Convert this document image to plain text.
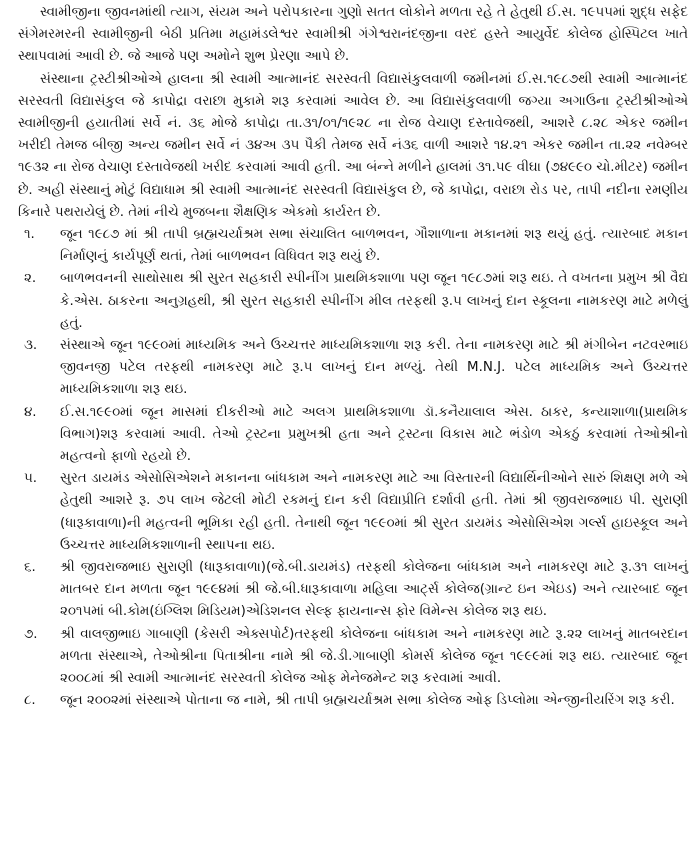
સ્વામીજીના જીવનમાંથી ત્યાગ, સંયમ અને પરોપકારના ગુણો સતત લોકોને મળતા રહે તે હેતુથી ઈ.સ. ૧૯૫૫માં શુદ્ધ સફેદ સંગેમરમરની સ્વામીજીની બેઠી પ્રતિમા મહામંડલેશ્વર સ્વામીશ્રી ગંગેશ્વરાનંદજીના વરદ હસ્તે આયુર્વેદ કોલેજ હોસ્પિટલ ખાતે સ્થાપવામાં આવી છે. જે આજે પણ અમોને શુભ પ્રેરણા આપે છે.

સંસ્થાના ટ્રસ્ટીશ્રીઓએ હાલના શ્રી સ્વામી આત્માનંદ સરસ્વતી વિદ્યાસંકુલવાળી જમીનમાં ઈ.સ.૧૯૮૭થી સ્વામી આત્માનંદ સરસ્વતી વિદ્યાસંકુલ જે કાપોદ્રા વરાછા મુકામે શરૂ કરવામાં આવેલ છે. આ વિદ્યાસંકુલવાળી જગ્યા અગાઉના ટ્રસ્ટીશ્રીઓએ સ્વામીજીની હયાતીમાં સર્વે નં. ૩૬ મોજે કાપોદ્રા તા.૩૧/૦૧/૧૯૨૮ ના રોજ વેચાણ દસ્તાવેજથી, આશરે ૮.૨૮ એકર જમીન ખરીદી તેમજ બીજી અન્ય જમીન સર્વે નં ૩૪અ ૩૫ પૈકી તેમજ સર્વે નં૩૬ વાળી આશરે ૧૪.૨૧ એકર જમીન તા.૨૨ નવેમ્બર ૧૯૩૨ ના રોજ વેચાણ દસ્તાવેજથી ખરીદ કરવામાં આવી હતી. આ બંન્ને મળીને હાલમાં ૩૧.૫૯ વીઘા (૭૪૯૯૦ ચો.મીટર) જમીન છે. અહી સંસ્થાનું મોટું વિદ્યાધામ શ્રી સ્વામી આત્માનંદ સરસ્વતી વિદ્યાસંકુલ છે, જે કાપોદ્રા, વરાછા રોડ પર, તાપી નદીના રમણીય કિનારે પથરાયેલું છે. તેમાં નીચે મુજબના શૈક્ષણિક એકમો કાર્યરત છે.

૧.	જૂન ૧૯૮૭ માં શ્રી તાપી બ્રહ્મચર્યાશ્રમ સભા સંચાલિત બાળભવન, ગૌશાળાના મકાનમાં શરૂ થયું હતું. ત્યારબાદ મકાન નિર્માણનું કાર્યપૂર્ણ થતાં, તેમાં બાળભવન વિધિવત શરૂ થયું છે.
૨.	બાળભવનની સાથોસાથ શ્રી સુરત સહકારી સ્પીનીંગ પ્રાથમિકશાળા પણ જૂન ૧૯૮૭માં શરૂ થઇ. તે વખતના પ્રમુખ શ્રી વૈદ્ય કે.એસ. ઠાકરના અનુગ્રહથી, શ્રી સુરત સહકારી સ્પીનીંગ મીલ તરફથી રૂ.૫ લાખનું દાન સ્કૂલના નામકરણ માટે મળેલું હતું.
૩.	સંસ્થાએ જૂન ૧૯૯૦માં માધ્યમિક અને ઉચ્ચત્તર માધ્યમિકશાળા શરૂ કરી. તેના નામકરણ માટે શ્રી મંગીબેન નટવરભાઇ જીવનજી પટેલ તરફથી નામકરણ માટે રૂ.૫ લાખનું દાન મળ્યું. તેથી M.N.J. પટેલ માધ્યમિક અને ઉચ્ચત્તર માધ્યમિકશાળા શરૂ થઇ.
૪.	ઈ.સ.૧૯૯૦માં જૂન માસમાં દીકરીઓ માટે અલગ પ્રાથમિકશાળા ડૉ.કનૈયાલાલ એસ. ઠાકર, કન્યાશાળા(પ્રાથમિક વિભાગ)શરૂ કરવામાં આવી. તેઓ ટ્રસ્ટના પ્રમુખશ્રી હતા અને ટ્રસ્ટના વિકાસ માટે ભંડોળ એકઠું કરવામાં તેઓશ્રીનો મહત્વનો ફાળો રહયો છે.
૫.	સુરત ડાયમંડ એસોસિએશને મકાનના બાંધકામ અને નામકરણ માટે આ વિસ્તારની વિદ્યાર્થિનીઓને સારું શિક્ષણ મળે એ હેતુથી આશરે રૂ. ૭૫ લાખ જેટલી મોટી રકમનું દાન કરી વિદ્યાપ્રીતિ દર્શાવી હતી. તેમાં શ્રી જીવરાજભાઇ પી. સુરાણી (ધારૂકાવાળા)ની મહત્વની ભૂમિકા રહી હતી. તેનાથી જૂન ૧૯૯૦માં શ્રી સુરત ડાયમંડ એસોસિએશ ગર્લ્સ હાઇસ્કૂલ અને ઉચ્ચત્તર માધ્યમિકશાળાની સ્થાપના થઇ.
૬.	શ્રી જીવરાજભાઇ સુરાણી (ધારૂકાવાળા)(જે.બી.ડાયમંડ) તરફથી કોલેજના બાંધકામ અને નામકરણ માટે રૂ.૩૧ લાખનું માતબર દાન મળતા જૂન ૧૯૯૪માં શ્રી જે.બી.ધારૂકાવાળા મહિલા આર્ટ્સ કોલેજ(ગ્રાન્ટ ઇન એઇડ) અને ત્યારબાદ જૂન ૨૦૧૫માં બી.કોમ(ઇંગ્લિશ મિડિયમ)એડિશનલ સેલ્ફ ફાયનાન્સ ફોર વિમેન્સ કોલેજ શરૂ થઇ.
૭.	શ્રી વાલજીભાઇ ગાબાણી (કેસરી એક્સપોર્ટ)તરફથી કોલેજના બાંધકામ અને નામકરણ માટે રૂ.૨૨ લાખનું માતબરદાન મળતા સંસ્થાએ, તેઓશ્રીના પિતાશ્રીના નામે શ્રી જે.ડી.ગાબાણી કોમર્સ કોલેજ જૂન ૧૯૯૯માં શરૂ થઇ. ત્યારબાદ જૂન ૨૦૦૮માં શ્રી સ્વામી આત્માનંદ સરસ્વતી કોલેજ ઓફ મેનેજમેન્ટ શરૂ કરવામાં આવી.
૮.	જૂન ૨૦૦૨માં સંસ્થાએ પોતાના જ નામે, શ્રી તાપી બ્રહ્મચર્યાશ્રમ સભા કોલેજ ઓફ ડિપ્લોમા એન્જીનીયરિંગ શરૂ કરી.
